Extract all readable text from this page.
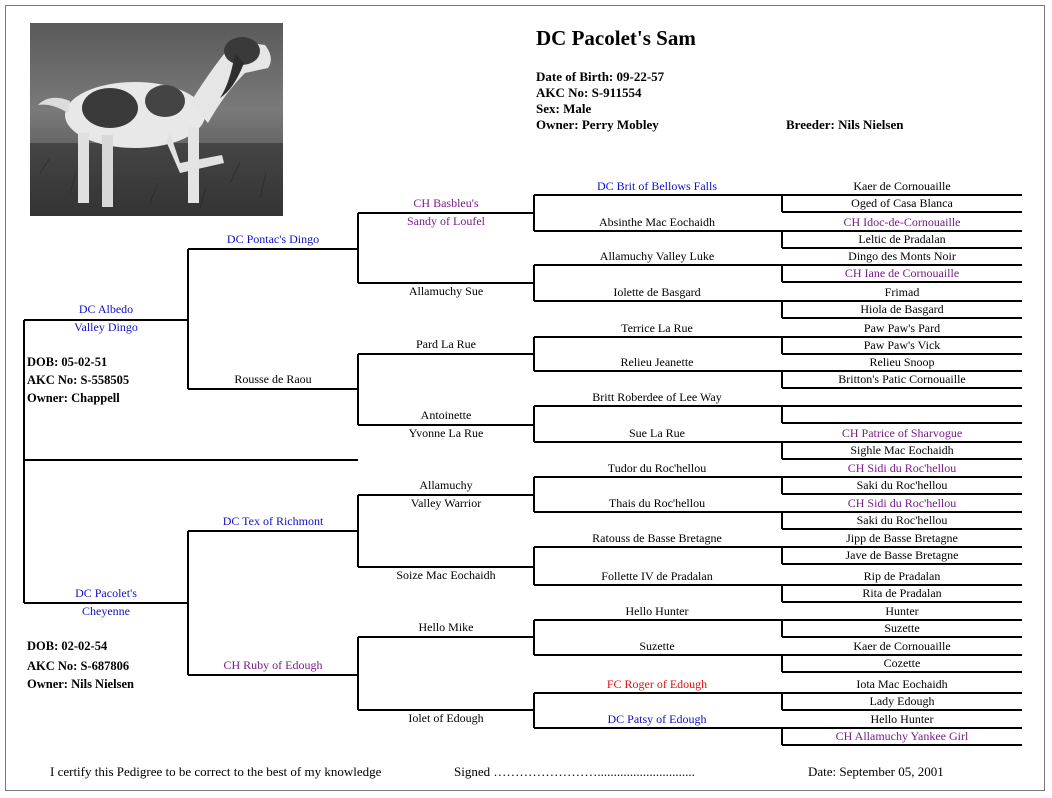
DC Pacolet's Sam
Date of Birth: 09-22-57
AKC No: S-911554
Sex: Male
Owner: Perry Mobley	Breeder: Nils Nielsen
DC Albedo
Valley Dingo
DC Pacolet's
Cheyenne
DC Pontac's Dingo
Rousse de Raou
DC Tex of Richmont
CH Ruby of Edough
CH Basbleu's
Sandy of Loufel
Allamuchy Sue
Pard La Rue
Antoinette
Yvonne La Rue
Allamuchy
Valley Warrior
Soize Mac Eochaidh
Hello Mike
Iolet of Edough
DC Brit of Bellows Falls
Absinthe Mac Eochaidh
Allamuchy Valley Luke
Iolette de Basgard
Terrice La Rue
Relieu Jeanette
Britt Roberdee of Lee Way
Sue La Rue
Tudor du Roc'hellou
Thais du Roc'hellou
Ratouss de Basse Bretagne
Follette IV de Pradalan
Hello Hunter
Suzette
FC Roger of Edough
DC Patsy of Edough
Kaer de Cornouaille
Oged of Casa Blanca
CH Idoc-de-Cornouaille
Leltic de Pradalan
Dingo des Monts Noir
CH Iane de Cornouaille
Frimad
Hiola de Basgard
Paw Paw's Pard
Paw Paw's Vick
Relieu Snoop
Britton's Patic Cornouaille
CH Patrice of Sharvogue
Sighle Mac Eochaidh
CH Sidi du Roc'hellou
Saki du Roc'hellou
CH Sidi du Roc'hellou
Saki du Roc'hellou
Jipp de Basse Bretagne
Jave de Basse Bretagne
Rip de Pradalan
Rita de Pradalan
Hunter
Suzette
Kaer de Cornouaille
Cozette
Iota Mac Eochaidh
Lady Edough
Hello Hunter
CH Allamuchy Yankee Girl
DOB: 05-02-51
AKC No: S-558505
Owner: Chappell
DOB: 02-02-54
AKC No: S-687806
Owner: Nils Nielsen
I certify this Pedigree to be correct to the best of my knowledge	Signed ……………………..............................	Date: September 05, 2001
